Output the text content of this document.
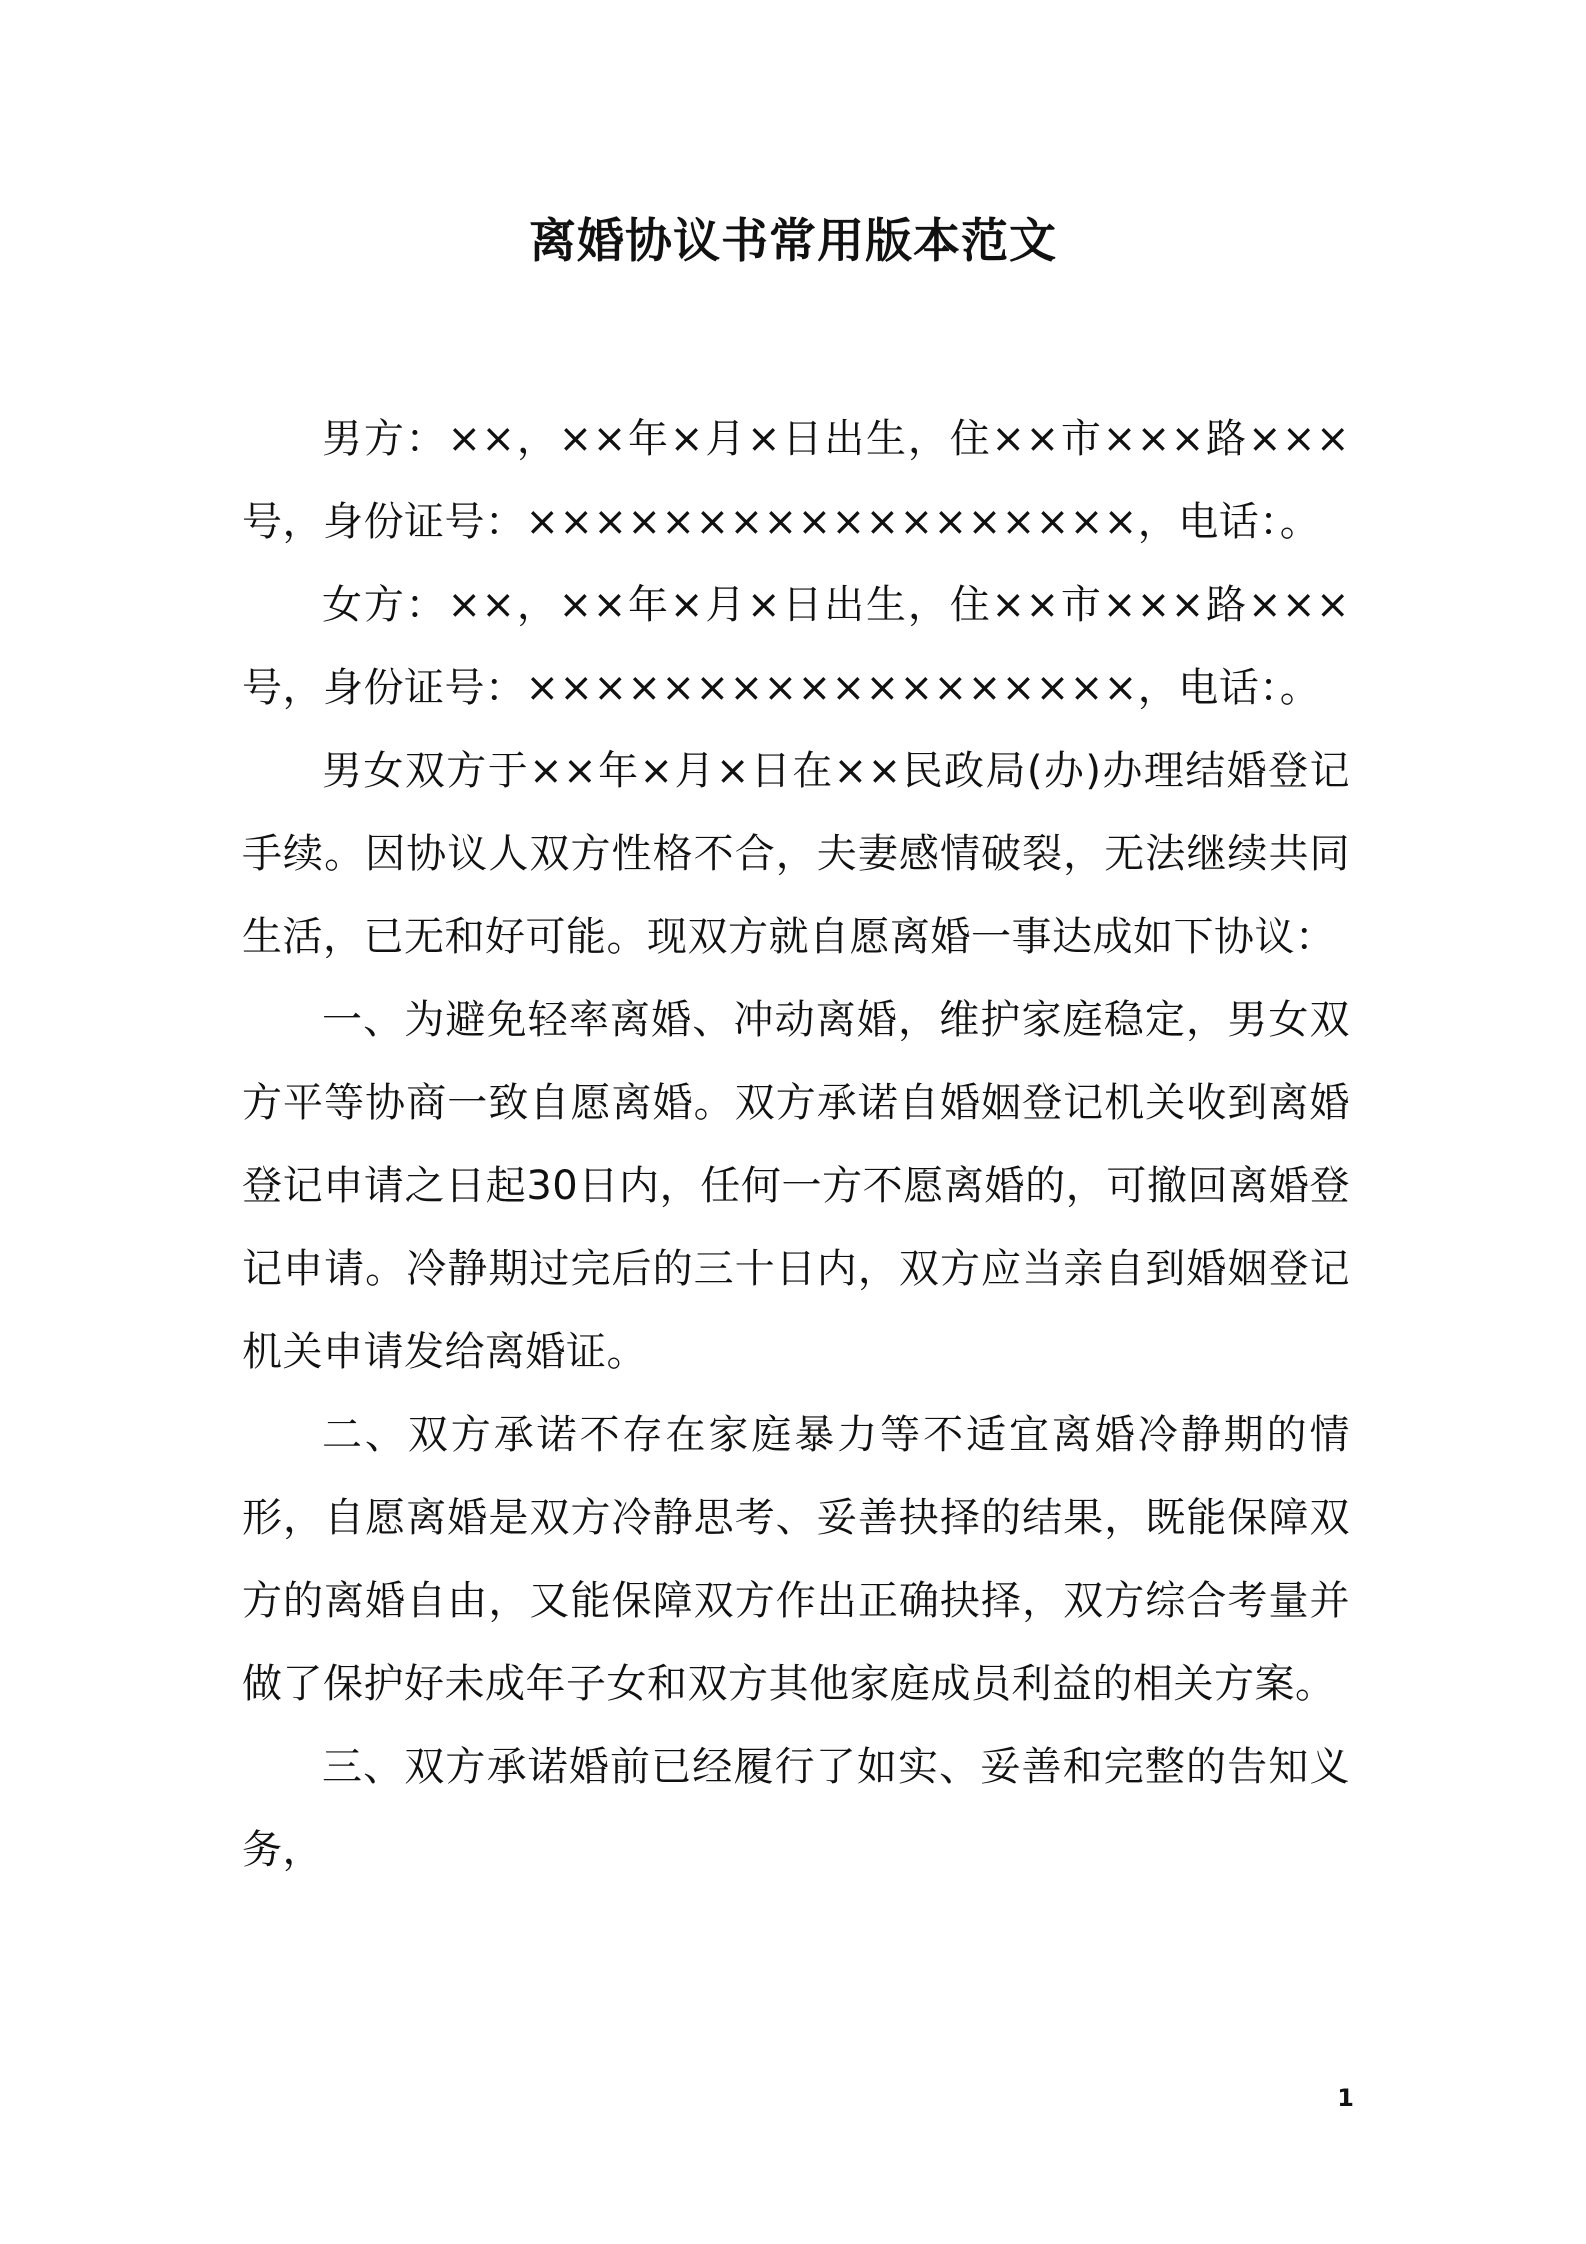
离婚协议书常用版本范文

男方：××，××年×月×日出生，住××市×××路×××号，身份证号：××××××××××××××××××，电话：。

女方：××，××年×月×日出生，住××市×××路×××号，身份证号：××××××××××××××××××，电话：。

男女双方于××年×月×日在××民政局(办)办理结婚登记手续。因协议人双方性格不合，夫妻感情破裂，无法继续共同生活，已无和好可能。现双方就自愿离婚一事达成如下协议：

一、为避免轻率离婚、冲动离婚，维护家庭稳定，男女双方平等协商一致自愿离婚。双方承诺自婚姻登记机关收到离婚登记申请之日起30日内，任何一方不愿离婚的，可撤回离婚登记申请。冷静期过完后的三十日内，双方应当亲自到婚姻登记机关申请发给离婚证。

二、双方承诺不存在家庭暴力等不适宜离婚冷静期的情形，自愿离婚是双方冷静思考、妥善抉择的结果，既能保障双方的离婚自由，又能保障双方作出正确抉择，双方综合考量并做了保护好未成年子女和双方其他家庭成员利益的相关方案。

三、双方承诺婚前已经履行了如实、妥善和完整的告知义务，

1
